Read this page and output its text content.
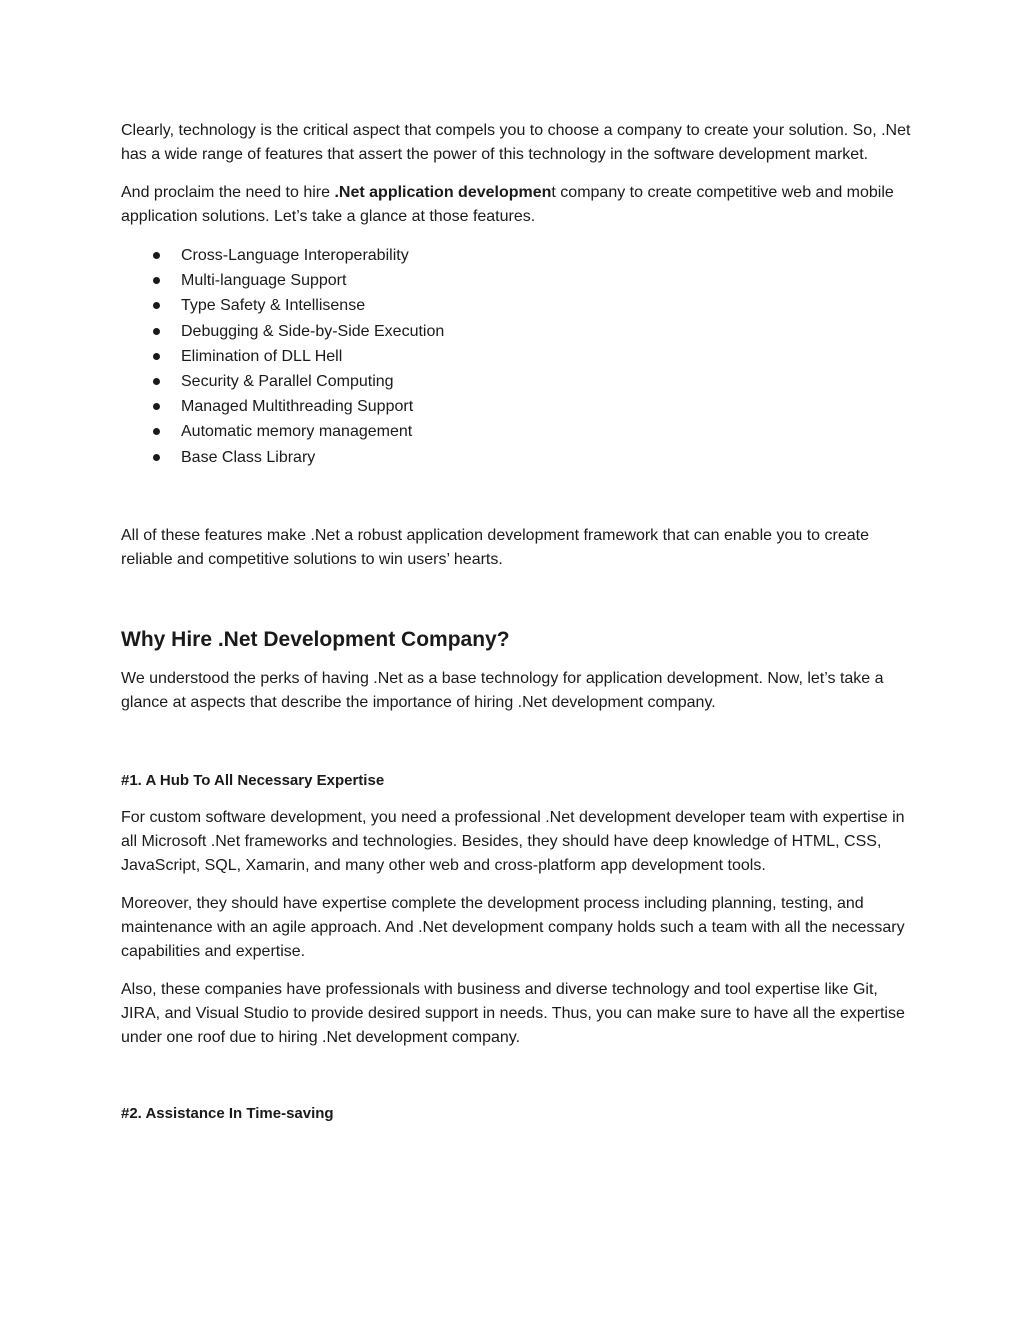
Clearly, technology is the critical aspect that compels you to choose a company to create your solution. So, .Net has a wide range of features that assert the power of this technology in the software development market.

And proclaim the need to hire .Net application development company to create competitive web and mobile application solutions. Let’s take a glance at those features.

Cross-Language Interoperability
Multi-language Support
Type Safety & Intellisense
Debugging & Side-by-Side Execution
Elimination of DLL Hell
Security & Parallel Computing
Managed Multithreading Support
Automatic memory management
Base Class Library

All of these features make .Net a robust application development framework that can enable you to create reliable and competitive solutions to win users’ hearts.

Why Hire .Net Development Company?

We understood the perks of having .Net as a base technology for application development. Now, let’s take a glance at aspects that describe the importance of hiring .Net development company.

#1. A Hub To All Necessary Expertise

For custom software development, you need a professional .Net development developer team with expertise in all Microsoft .Net frameworks and technologies. Besides, they should have deep knowledge of HTML, CSS, JavaScript, SQL, Xamarin, and many other web and cross-platform app development tools.

Moreover, they should have expertise complete the development process including planning, testing, and maintenance with an agile approach. And .Net development company holds such a team with all the necessary capabilities and expertise.

Also, these companies have professionals with business and diverse technology and tool expertise like Git, JIRA, and Visual Studio to provide desired support in needs. Thus, you can make sure to have all the expertise under one roof due to hiring .Net development company.

#2. Assistance In Time-saving
